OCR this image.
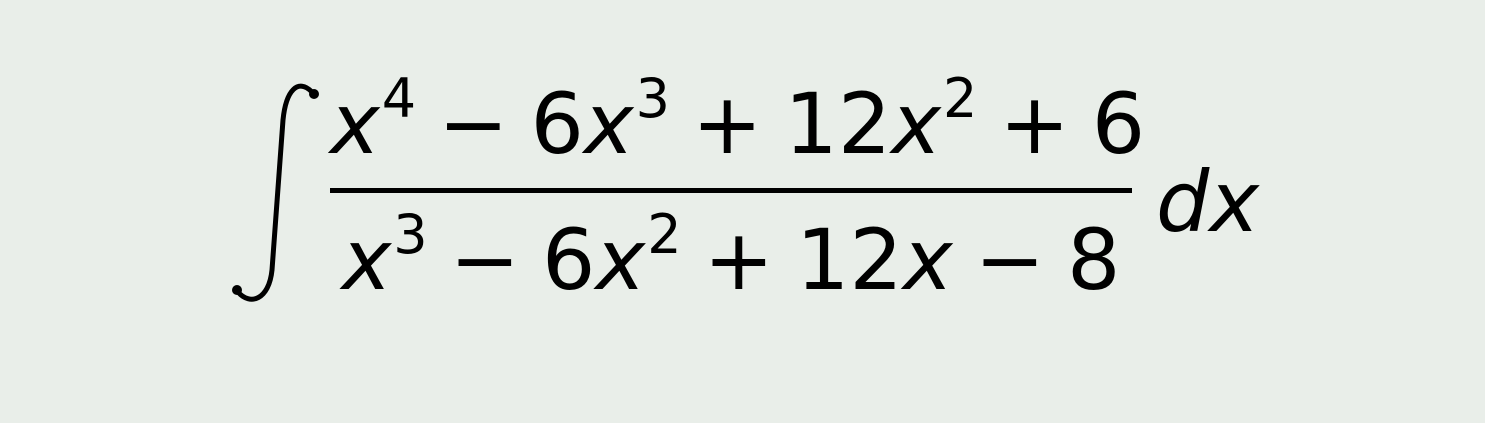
$x^4 - 6x^3 + 12x^2 + 6$
$x^3 - 6x^2 + 12x - 8$
dx
